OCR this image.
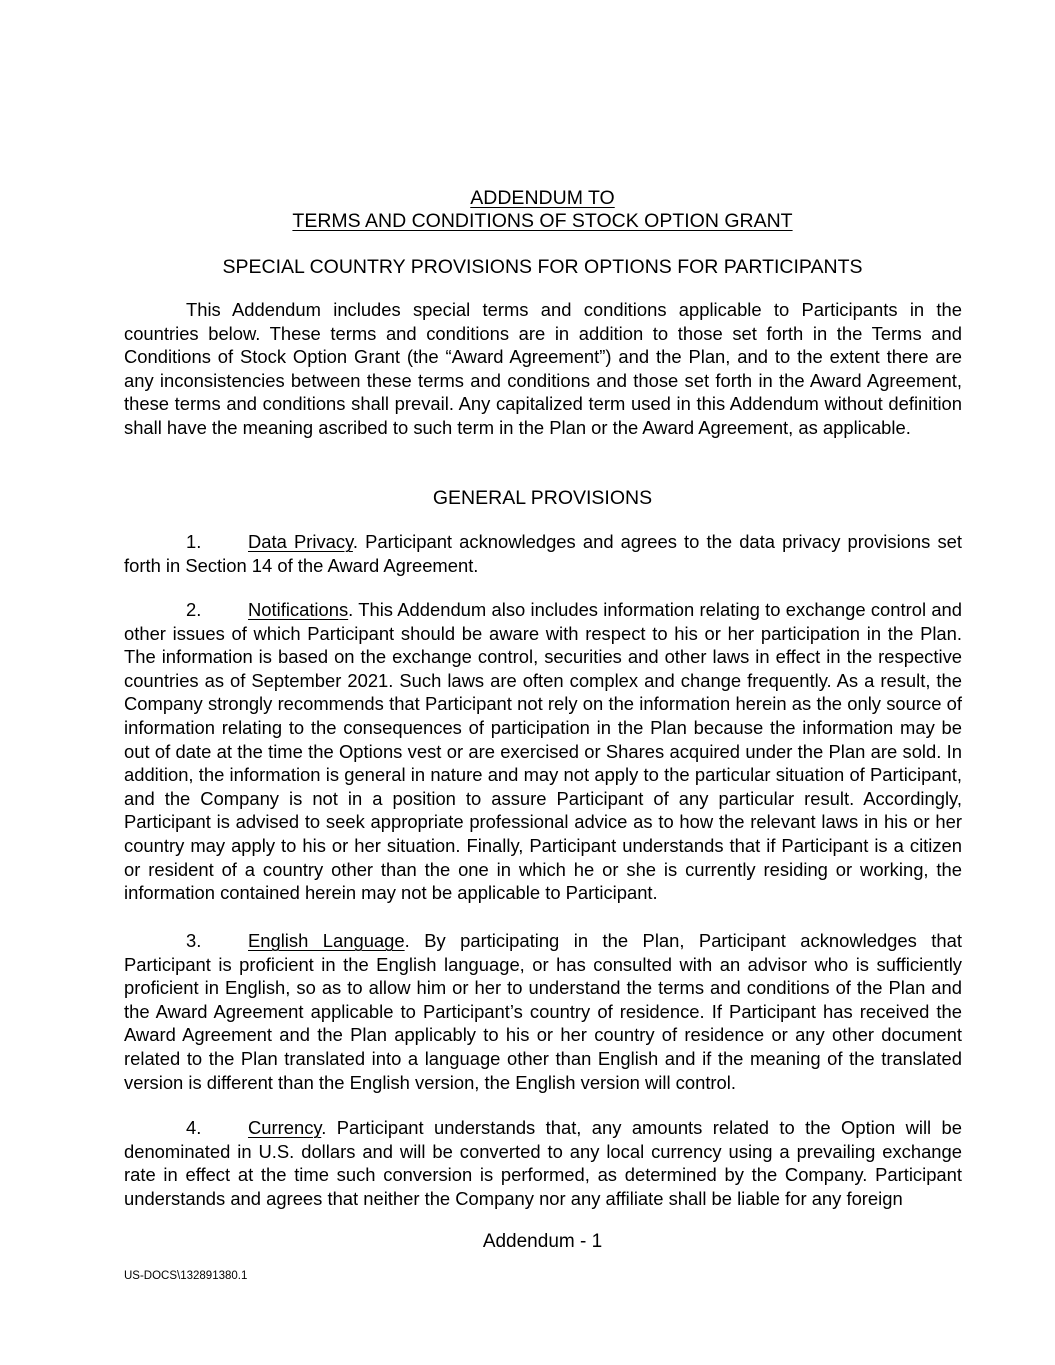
ADDENDUM TO
TERMS AND CONDITIONS OF STOCK OPTION GRANT
SPECIAL COUNTRY PROVISIONS FOR OPTIONS FOR PARTICIPANTS

This Addendum includes special terms and conditions applicable to Participants in the countries below. These terms and conditions are in addition to those set forth in the Terms and Conditions of Stock Option Grant (the “Award Agreement”) and the Plan, and to the extent there are any inconsistencies between these terms and conditions and those set forth in the Award Agreement, these terms and conditions shall prevail. Any capitalized term used in this Addendum without definition shall have the meaning ascribed to such term in the Plan or the Award Agreement, as applicable.

GENERAL PROVISIONS

1.	Data Privacy. Participant acknowledges and agrees to the data privacy provisions set forth in Section 14 of the Award Agreement.

2.	Notifications. This Addendum also includes information relating to exchange control and other issues of which Participant should be aware with respect to his or her participation in the Plan. The information is based on the exchange control, securities and other laws in effect in the respective countries as of September 2021. Such laws are often complex and change frequently. As a result, the Company strongly recommends that Participant not rely on the information herein as the only source of information relating to the consequences of participation in the Plan because the information may be out of date at the time the Options vest or are exercised or Shares acquired under the Plan are sold. In addition, the information is general in nature and may not apply to the particular situation of Participant, and the Company is not in a position to assure Participant of any particular result. Accordingly, Participant is advised to seek appropriate professional advice as to how the relevant laws in his or her country may apply to his or her situation. Finally, Participant understands that if Participant is a citizen or resident of a country other than the one in which he or she is currently residing or working, the information contained herein may not be applicable to Participant.

3.	English Language. By participating in the Plan, Participant acknowledges that Participant is proficient in the English language, or has consulted with an advisor who is sufficiently proficient in English, so as to allow him or her to understand the terms and conditions of the Plan and the Award Agreement applicable to Participant’s country of residence. If Participant has received the Award Agreement and the Plan applicably to his or her country of residence or any other document related to the Plan translated into a language other than English and if the meaning of the translated version is different than the English version, the English version will control.

4.	Currency. Participant understands that, any amounts related to the Option will be denominated in U.S. dollars and will be converted to any local currency using a prevailing exchange rate in effect at the time such conversion is performed, as determined by the Company. Participant understands and agrees that neither the Company nor any affiliate shall be liable for any foreign

Addendum - 1
US-DOCS\132891380.1
